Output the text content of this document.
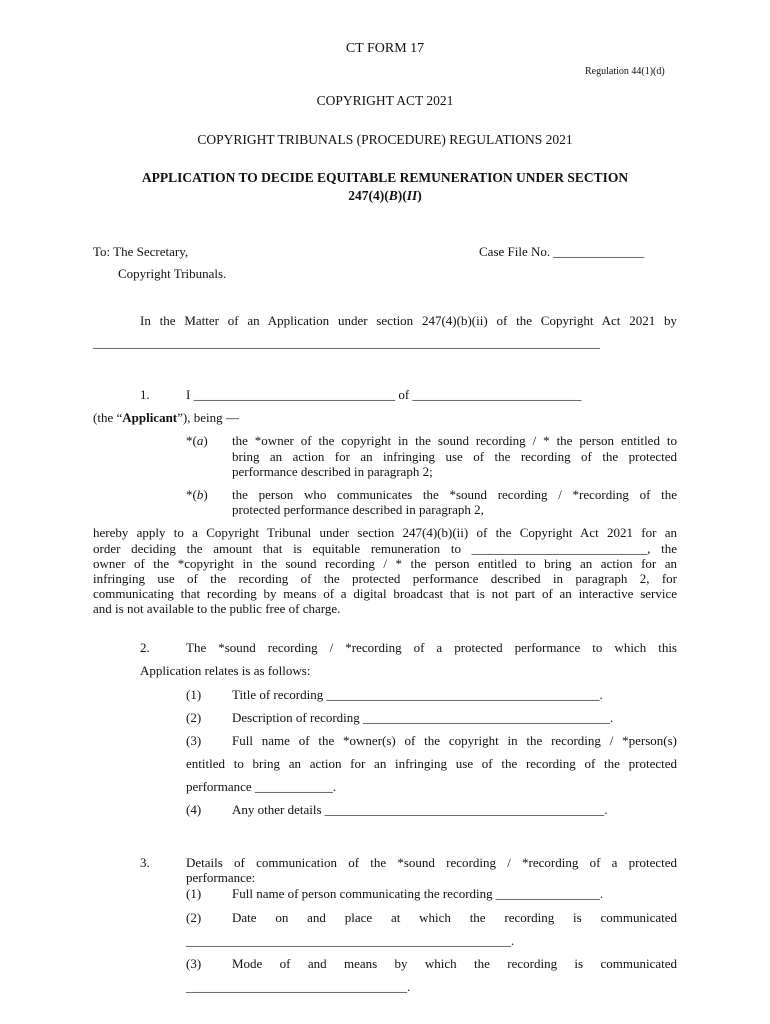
CT FORM 17
Regulation 44(1)(d)
COPYRIGHT ACT 2021
COPYRIGHT TRIBUNALS (PROCEDURE) REGULATIONS 2021
APPLICATION TO DECIDE EQUITABLE REMUNERATION UNDER SECTION
247(4)(B)(II)
To: The Secretary,	Case File No. ______________
Copyright Tribunals.
In the Matter of an Application under section 247(4)(b)(ii) of the Copyright Act 2021 by
______________________________________________________________________________
1.	I _______________________________ of __________________________
(the “Applicant”), being —
*(a) the *owner of the copyright in the sound recording / * the person entitled to
bring an action for an infringing use of the recording of the protected
performance described in paragraph 2;
*(b) the person who communicates the *sound recording / *recording of the
protected performance described in paragraph 2,
hereby apply to a Copyright Tribunal under section 247(4)(b)(ii) of the Copyright Act 2021 for an
order deciding the amount that is equitable remuneration to ___________________________, the
owner of the *copyright in the sound recording / * the person entitled to bring an action for an
infringing use of the recording of the protected performance described in paragraph 2, for
communicating that recording by means of a digital broadcast that is not part of an interactive service
and is not available to the public free of charge.
2.	The *sound recording / *recording of a protected performance to which this
Application relates is as follows:
(1) Title of recording __________________________________________.
(2) Description of recording ______________________________________.
(3) Full name of the *owner(s) of the copyright in the recording / *person(s)
entitled to bring an action for an infringing use of the recording of the protected
performance ____________.
(4) Any other details ___________________________________________.
3.	Details of communication of the *sound recording / *recording of a protected
performance:
(1) Full name of person communicating the recording ________________.
(2) Date on and place at which the recording is communicated
__________________________________________________.
(3) Mode of and means by which the recording is communicated
__________________________________.
